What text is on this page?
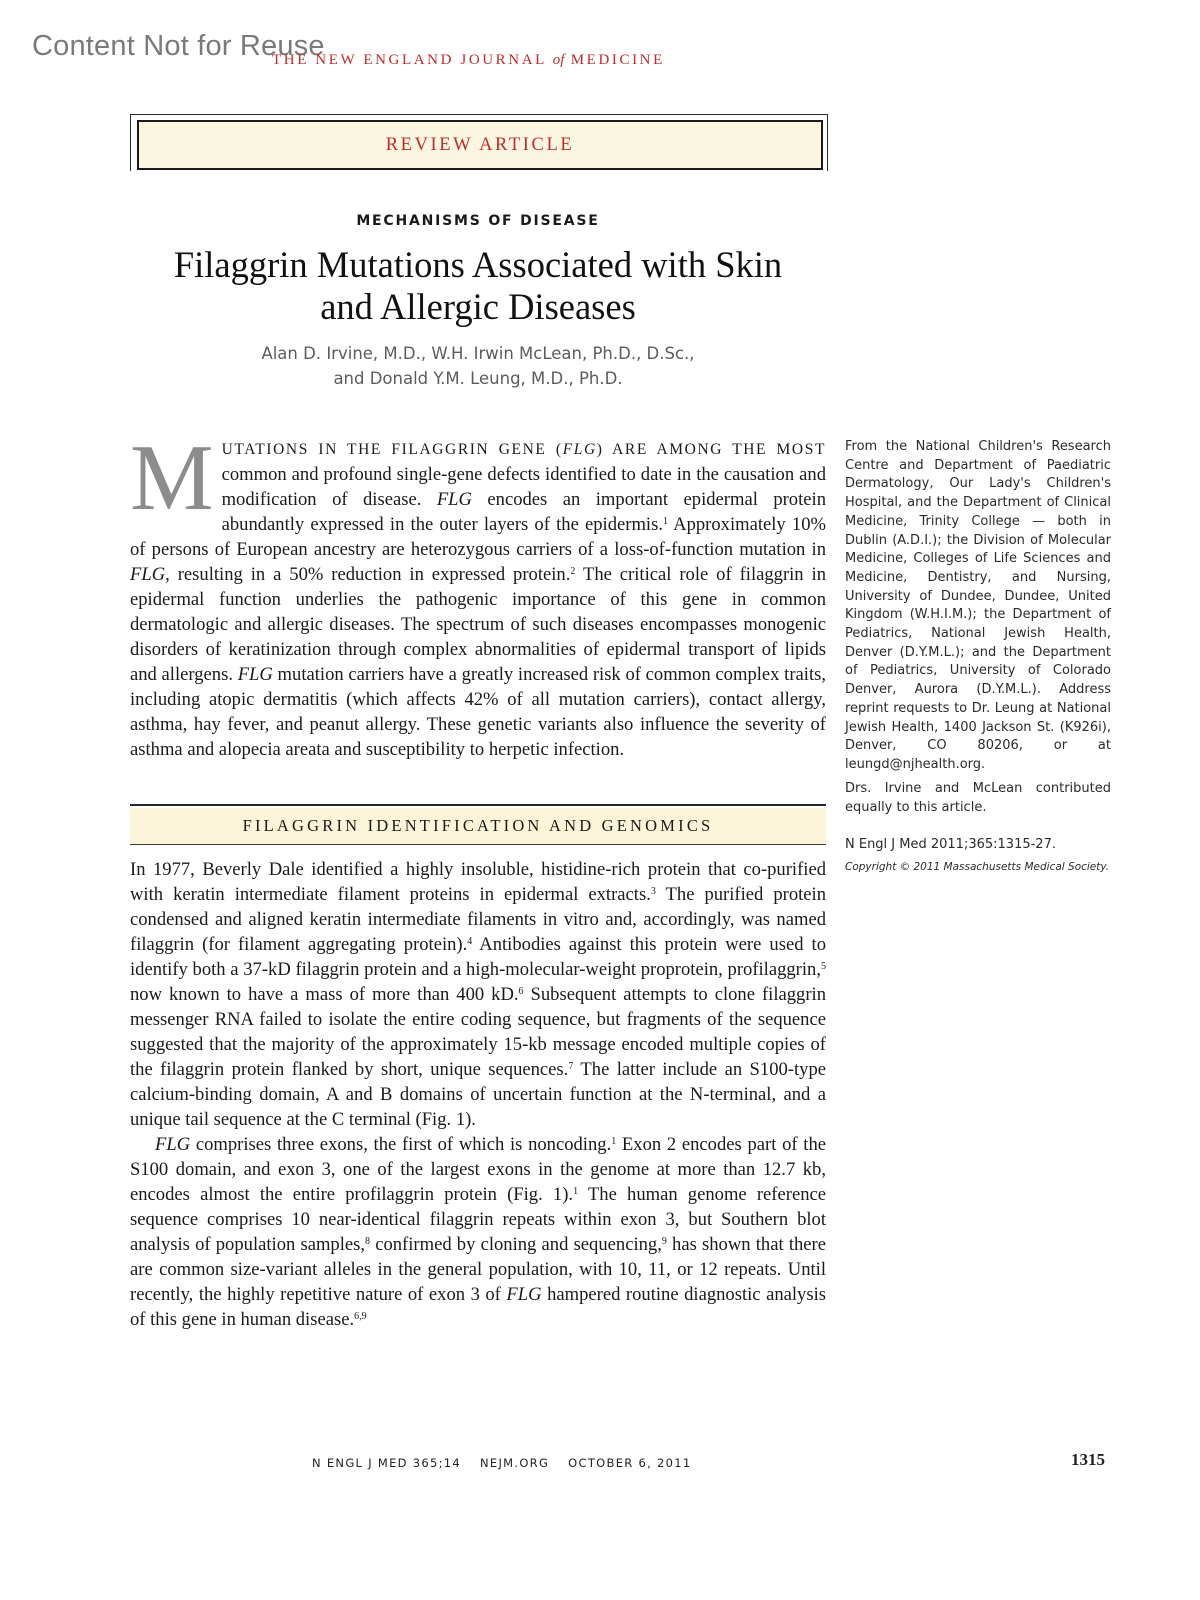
Content Not for Reuse
THE NEW ENGLAND JOURNAL of MEDICINE
REVIEW ARTICLE
MECHANISMS OF DISEASE
Filaggrin Mutations Associated with Skin
and Allergic Diseases
Alan D. Irvine, M.D., W.H. Irwin McLean, Ph.D., D.Sc.,
and Donald Y.M. Leung, M.D., Ph.D.

MUTATIONS IN THE FILAGGRIN GENE (FLG) ARE AMONG THE MOST common and profound single-gene defects identified to date in the causation and modification of disease. FLG encodes an important epidermal protein abundantly expressed in the outer layers of the epidermis.$^1$ Approximately 10% of persons of European ancestry are heterozygous carriers of a loss-of-function mutation in FLG, resulting in a 50% reduction in expressed protein.$^2$ The critical role of filaggrin in epidermal function underlies the pathogenic importance of this gene in common dermatologic and allergic diseases. The spectrum of such diseases encompasses monogenic disorders of keratinization through complex abnormalities of epidermal transport of lipids and allergens. FLG mutation carriers have a greatly increased risk of common complex traits, including atopic dermatitis (which affects 42% of all mutation carriers), contact allergy, asthma, hay fever, and peanut allergy. These genetic variants also influence the severity of asthma and alopecia areata and susceptibility to herpetic infection.

FILAGGRIN IDENTIFICATION AND GENOMICS

In 1977, Beverly Dale identified a highly insoluble, histidine-rich protein that co-purified with keratin intermediate filament proteins in epidermal extracts.$^3$ The purified protein condensed and aligned keratin intermediate filaments in vitro and, accordingly, was named filaggrin (for filament aggregating protein).$^4$ Antibodies against this protein were used to identify both a 37-kD filaggrin protein and a high-molecular-weight proprotein, profilaggrin,$^5$ now known to have a mass of more than 400 kD.$^6$ Subsequent attempts to clone filaggrin messenger RNA failed to isolate the entire coding sequence, but fragments of the sequence suggested that the majority of the approximately 15-kb message encoded multiple copies of the filaggrin protein flanked by short, unique sequences.$^7$ The latter include an S100-type calcium-binding domain, A and B domains of uncertain function at the N-terminal, and a unique tail sequence at the C terminal (Fig. 1).

FLG comprises three exons, the first of which is noncoding.$^1$ Exon 2 encodes part of the S100 domain, and exon 3, one of the largest exons in the genome at more than 12.7 kb, encodes almost the entire profilaggrin protein (Fig. 1).$^1$ The human genome reference sequence comprises 10 near-identical filaggrin repeats within exon 3, but Southern blot analysis of population samples,$^8$ confirmed by cloning and sequencing,$^9$ has shown that there are common size-variant alleles in the general population, with 10, 11, or 12 repeats. Until recently, the highly repetitive nature of exon 3 of FLG hampered routine diagnostic analysis of this gene in human disease.$^{6,9}$

From the National Children's Research Centre and Department of Paediatric Dermatology, Our Lady's Children's Hospital, and the Department of Clinical Medicine, Trinity College — both in Dublin (A.D.I.); the Division of Molecular Medicine, Colleges of Life Sciences and Medicine, Dentistry, and Nursing, University of Dundee, Dundee, United Kingdom (W.H.I.M.); the Department of Pediatrics, National Jewish Health, Denver (D.Y.M.L.); and the Department of Pediatrics, University of Colorado Denver, Aurora (D.Y.M.L.). Address reprint requests to Dr. Leung at National Jewish Health, 1400 Jackson St. (K926i), Denver, CO 80206, or at leungd@njhealth.org.
Drs. Irvine and McLean contributed equally to this article.
N Engl J Med 2011;365:1315-27.
Copyright © 2011 Massachusetts Medical Society.
N ENGL J MED 365;14 NEJM.ORG OCTOBER 6, 2011	1315
